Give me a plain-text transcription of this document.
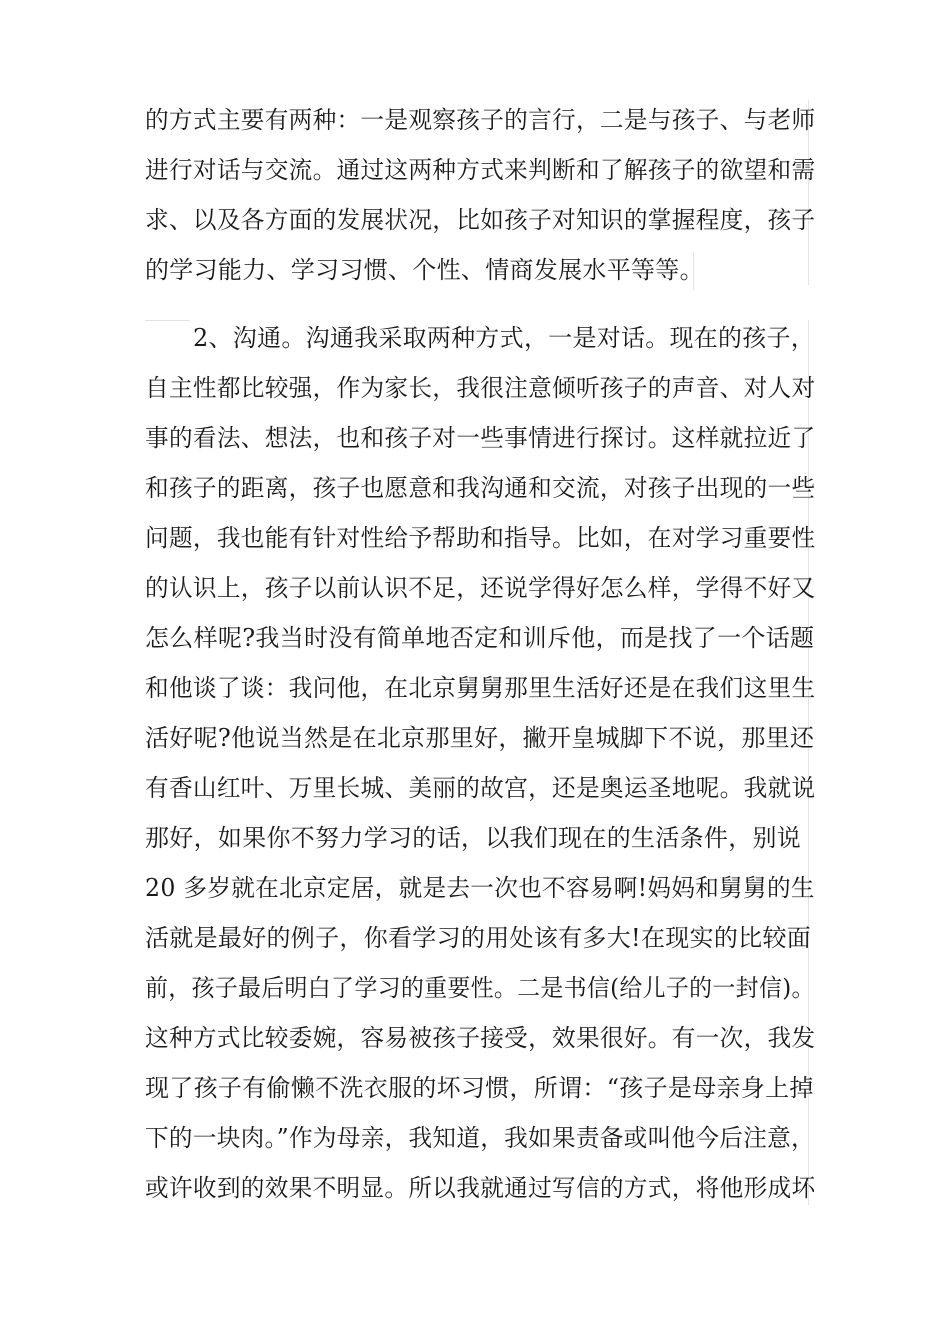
的方式主要有两种：一是观察孩子的言行，二是与孩子、与老师
进行对话与交流。通过这两种方式来判断和了解孩子的欲望和需
求、以及各方面的发展状况，比如孩子对知识的掌握程度，孩子
的学习能力、学习习惯、个性、情商发展水平等等。
2、沟通。沟通我采取两种方式，一是对话。现在的孩子，
自主性都比较强，作为家长，我很注意倾听孩子的声音、对人对
事的看法、想法，也和孩子对一些事情进行探讨。这样就拉近了
和孩子的距离，孩子也愿意和我沟通和交流，对孩子出现的一些
问题，我也能有针对性给予帮助和指导。比如，在对学习重要性
的认识上，孩子以前认识不足，还说学得好怎么样，学得不好又
怎么样呢?我当时没有简单地否定和训斥他，而是找了一个话题
和他谈了谈：我问他，在北京舅舅那里生活好还是在我们这里生
活好呢?他说当然是在北京那里好，撇开皇城脚下不说，那里还
有香山红叶、万里长城、美丽的故宫，还是奥运圣地呢。我就说
那好，如果你不努力学习的话，以我们现在的生活条件，别说
20 多岁就在北京定居，就是去一次也不容易啊!妈妈和舅舅的生
活就是最好的例子，你看学习的用处该有多大!在现实的比较面
前，孩子最后明白了学习的重要性。二是书信(给儿子的一封信)。
这种方式比较委婉，容易被孩子接受，效果很好。有一次，我发
现了孩子有偷懒不洗衣服的坏习惯，所谓：“孩子是母亲身上掉
下的一块肉。”作为母亲，我知道，我如果责备或叫他今后注意，
或许收到的效果不明显。所以我就通过写信的方式，将他形成坏
